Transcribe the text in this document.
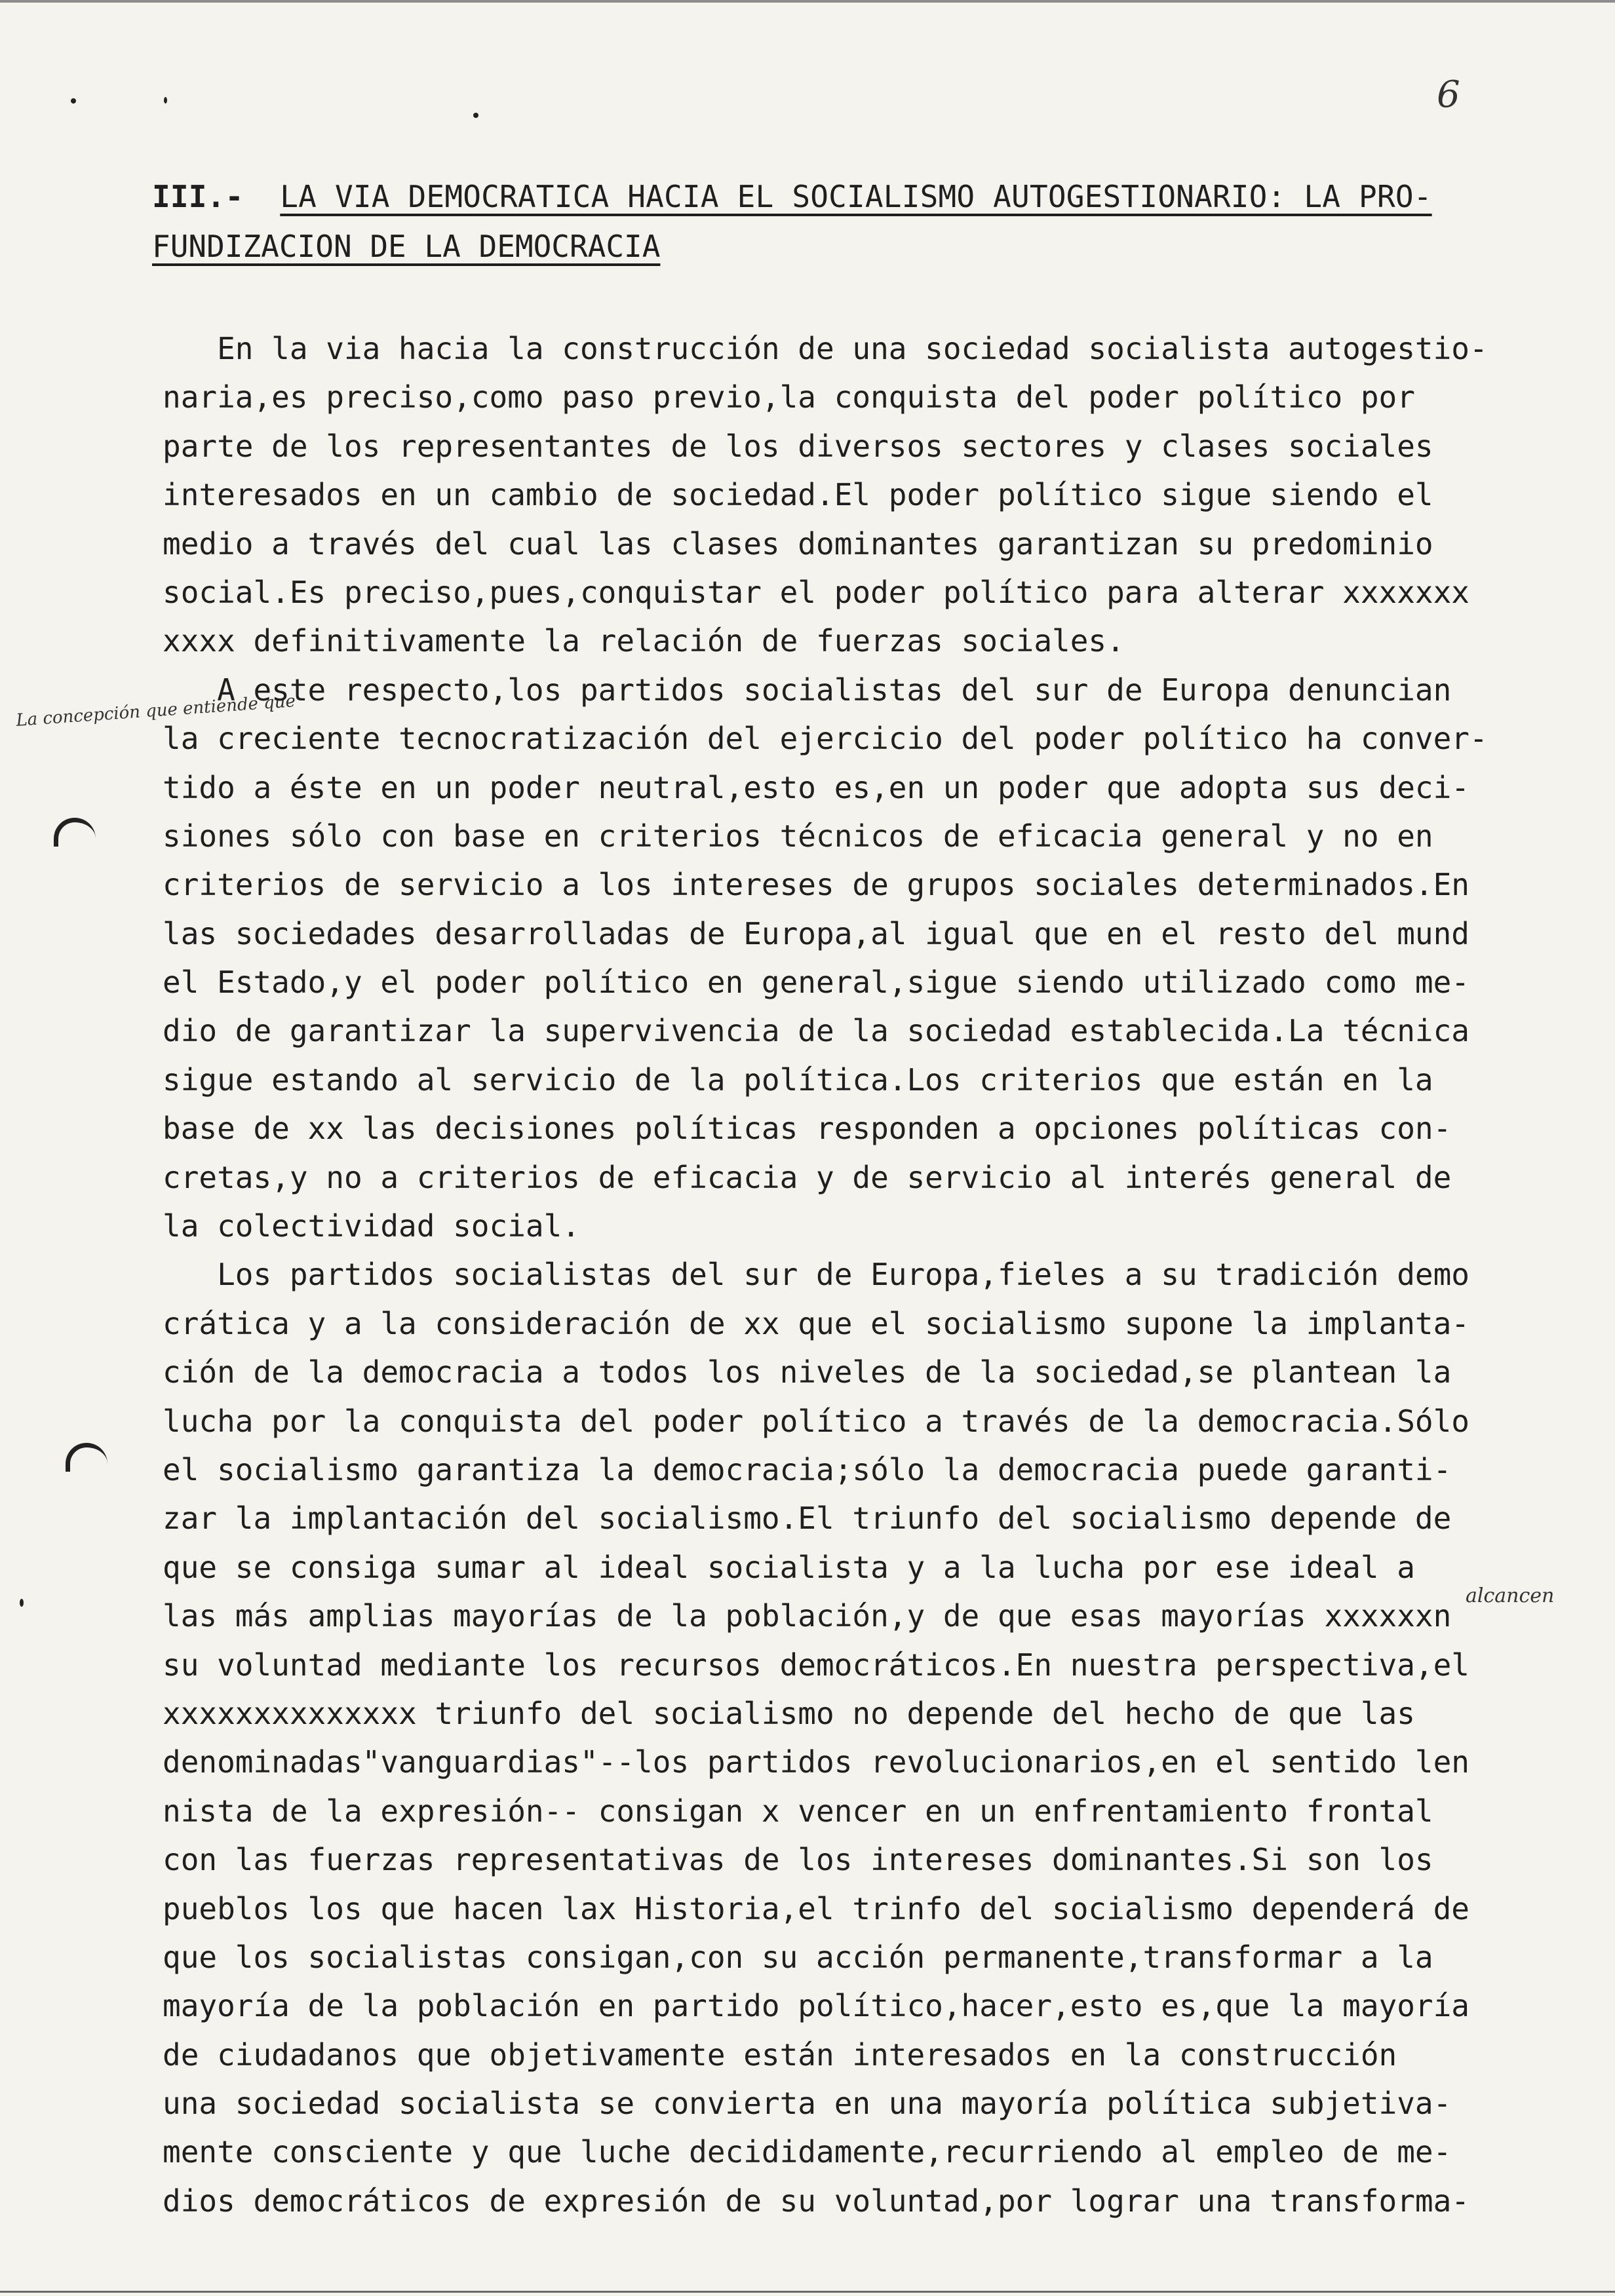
6
III.- LA VIA DEMOCRATICA HACIA EL SOCIALISMO AUTOGESTIONARIO: LA PRO-
FUNDIZACION DE LA DEMOCRACIA
La concepción que entiende que
alcancen
En la via hacia la construcción de una sociedad socialista autogestio-
naria,es preciso,como paso previo,la conquista del poder político por
parte de los representantes de los diversos sectores y clases sociales
interesados en un cambio de sociedad.El poder político sigue siendo el
medio a través del cual las clases dominantes garantizan su predominio
social.Es preciso,pues,conquistar el poder político para alterar xxxxxxx
xxxx definitivamente la relación de fuerzas sociales.
A este respecto,los partidos socialistas del sur de Europa denuncian
la creciente tecnocratización del ejercicio del poder político ha conver-
tido a éste en un poder neutral,esto es,en un poder que adopta sus deci-
siones sólo con base en criterios técnicos de eficacia general y no en
criterios de servicio a los intereses de grupos sociales determinados.En
las sociedades desarrolladas de Europa,al igual que en el resto del mund
el Estado,y el poder político en general,sigue siendo utilizado como me-
dio de garantizar la supervivencia de la sociedad establecida.La técnica
sigue estando al servicio de la política.Los criterios que están en la
base de xx las decisiones políticas responden a opciones políticas con-
cretas,y no a criterios de eficacia y de servicio al interés general de
la colectividad social.
Los partidos socialistas del sur de Europa,fieles a su tradición demo
crática y a la consideración de xx que el socialismo supone la implanta-
ción de la democracia a todos los niveles de la sociedad,se plantean la
lucha por la conquista del poder político a través de la democracia.Sólo
el socialismo garantiza la democracia;sólo la democracia puede garanti-
zar la implantación del socialismo.El triunfo del socialismo depende de
que se consiga sumar al ideal socialista y a la lucha por ese ideal a
las más amplias mayorías de la población,y de que esas mayorías xxxxxxn
su voluntad mediante los recursos democráticos.En nuestra perspectiva,el
xxxxxxxxxxxxxx triunfo del socialismo no depende del hecho de que las
denominadas"vanguardias"--los partidos revolucionarios,en el sentido len
nista de la expresión-- consigan x vencer en un enfrentamiento frontal
con las fuerzas representativas de los intereses dominantes.Si son los
pueblos los que hacen lax Historia,el trinfo del socialismo dependerá de
que los socialistas consigan,con su acción permanente,transformar a la
mayoría de la población en partido político,hacer,esto es,que la mayoría
de ciudadanos que objetivamente están interesados en la construcción
una sociedad socialista se convierta en una mayoría política subjetiva-
mente consciente y que luche decididamente,recurriendo al empleo de me-
dios democráticos de expresión de su voluntad,por lograr una transforma-
